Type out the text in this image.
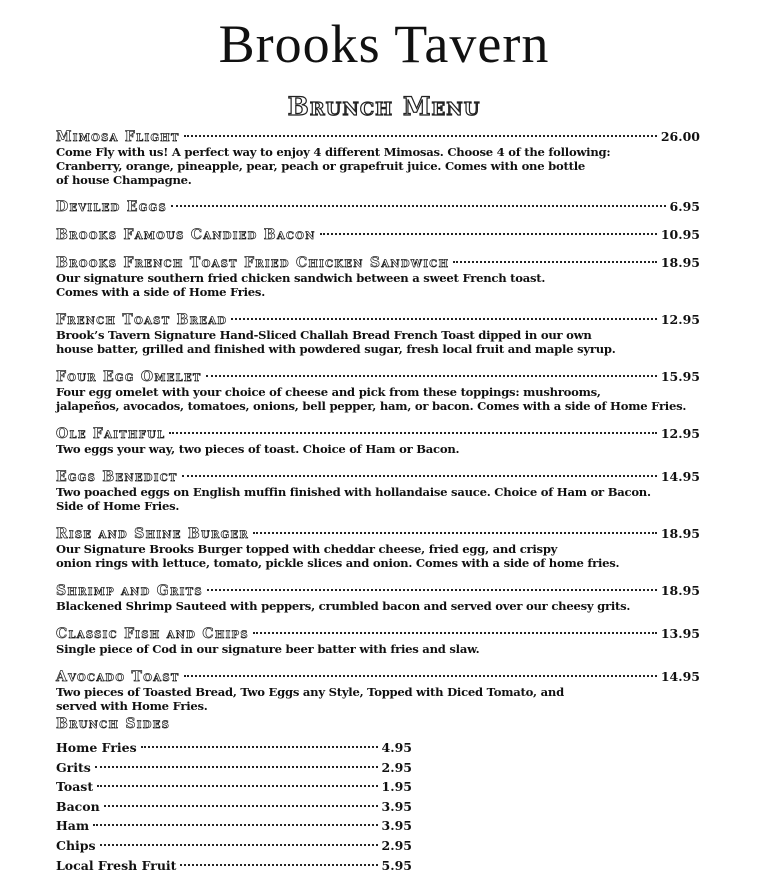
Brooks Tavern
Brunch Menu
Mimosa Flight	26.00
Come Fly with us! A perfect way to enjoy 4 different Mimosas. Choose 4 of the following:
Cranberry, orange, pineapple, pear, peach or grapefruit juice. Comes with one bottle
of house Champagne.
Deviled Eggs	6.95
Brooks Famous Candied Bacon	10.95
Brooks French Toast Fried Chicken Sandwich	18.95
Our signature southern fried chicken sandwich between a sweet French toast.
Comes with a side of Home Fries.
French Toast Bread	12.95
Brook’s Tavern Signature Hand-Sliced Challah Bread French Toast dipped in our own
house batter, grilled and finished with powdered sugar, fresh local fruit and maple syrup.
Four Egg Omelet	15.95
Four egg omelet with your choice of cheese and pick from these toppings: mushrooms,
jalapeños, avocados, tomatoes, onions, bell pepper, ham, or bacon. Comes with a side of Home Fries.
Ole Faithful	12.95
Two eggs your way, two pieces of toast. Choice of Ham or Bacon.
Eggs Benedict	14.95
Two poached eggs on English muffin finished with hollandaise sauce. Choice of Ham or Bacon.
Side of Home Fries.
Rise and Shine Burger	18.95
Our Signature Brooks Burger topped with cheddar cheese, fried egg, and crispy
onion rings with lettuce, tomato, pickle slices and onion. Comes with a side of home fries.
Shrimp and Grits	18.95
Blackened Shrimp Sauteed with peppers, crumbled bacon and served over our cheesy grits.
Classic Fish and Chips	13.95
Single piece of Cod in our signature beer batter with fries and slaw.
Avocado Toast	14.95
Two pieces of Toasted Bread, Two Eggs any Style, Topped with Diced Tomato, and
served with Home Fries.
Brunch Sides
Home Fries	4.95
Grits	2.95
Toast	1.95
Bacon	3.95
Ham	3.95
Chips	2.95
Local Fresh Fruit	5.95
